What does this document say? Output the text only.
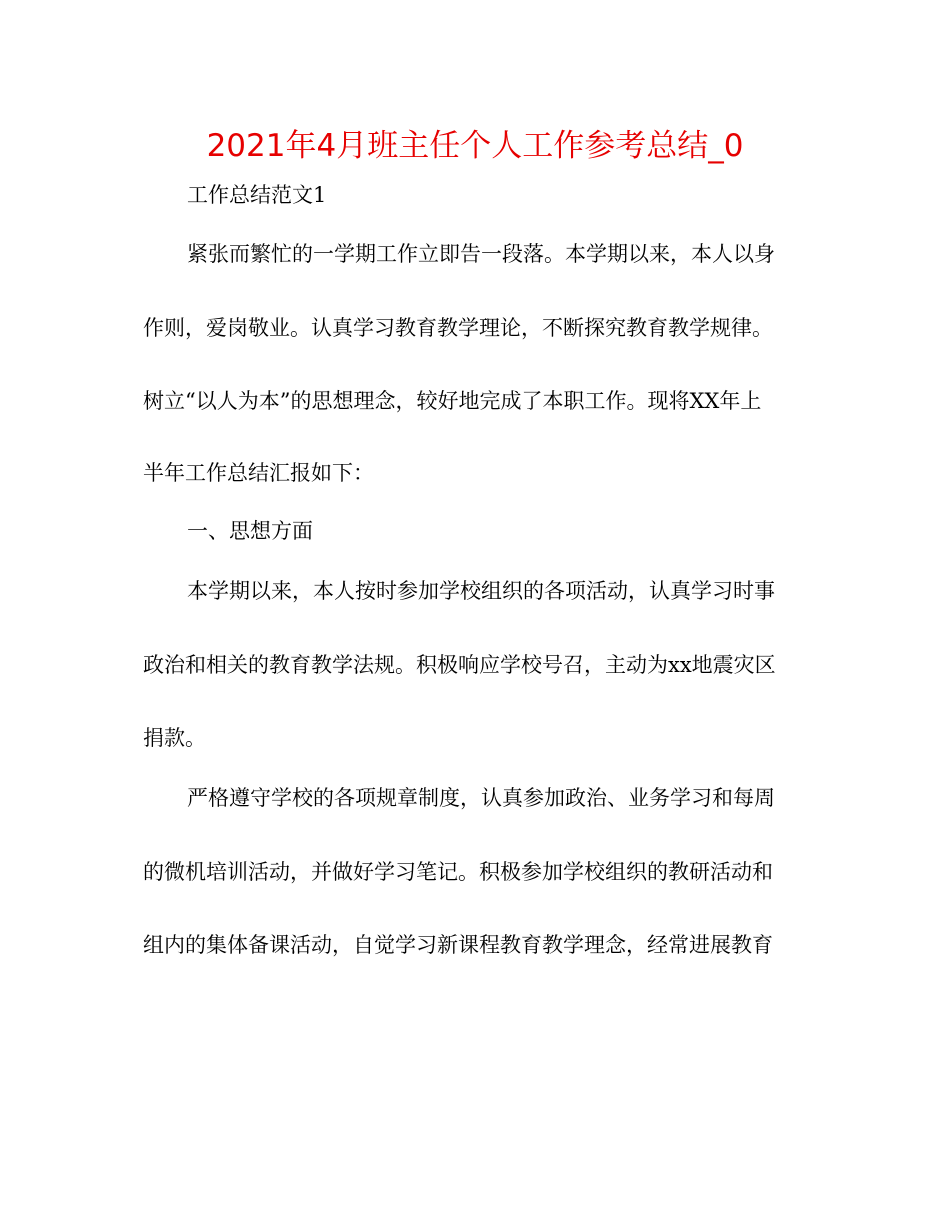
2021年4月班主任个人工作参考总结_0
工作总结范文1
紧张而繁忙的一学期工作立即告一段落。本学期以来，本人以身
作则，爱岗敬业。认真学习教育教学理论，不断探究教育教学规律。
树立“以人为本”的思想理念，较好地完成了本职工作。现将XX年上
半年工作总结汇报如下：
一、思想方面
本学期以来，本人按时参加学校组织的各项活动，认真学习时事
政治和相关的教育教学法规。积极响应学校号召，主动为xx地震灾区
捐款。
严格遵守学校的各项规章制度，认真参加政治、业务学习和每周
的微机培训活动，并做好学习笔记。积极参加学校组织的教研活动和
组内的集体备课活动，自觉学习新课程教育教学理念，经常进展教育
